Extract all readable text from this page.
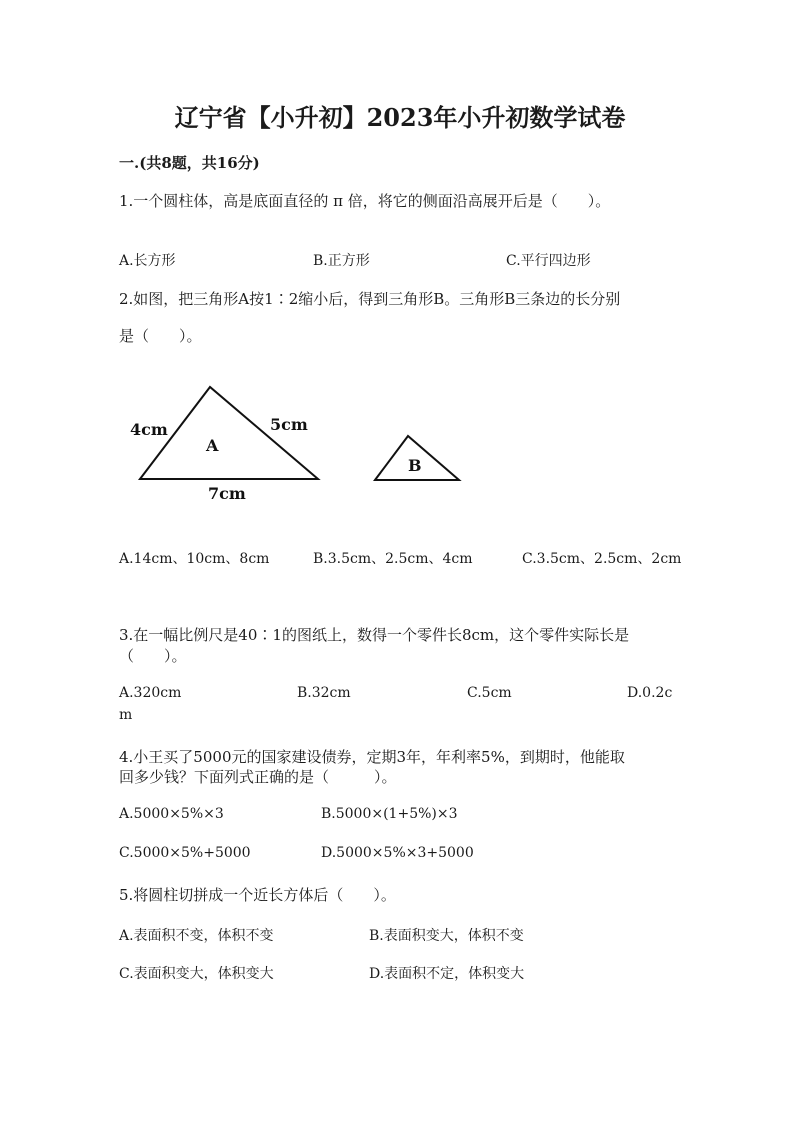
辽宁省【小升初】2023年小升初数学试卷
一.(共8题，共16分)
1.一个圆柱体，高是底面直径的 π 倍，将它的侧面沿高展开后是（　　）。
A.长方形	B.正方形	C.平行四边形
2.如图，把三角形A按1∶2缩小后，得到三角形B。三角形B三条边的长分别
是（　　）。
4cm	5cm
7cm
A
B
A.14cm、10cm、8cm	B.3.5cm、2.5cm、4cm	C.3.5cm、2.5cm、2cm
3.在一幅比例尺是40∶1的图纸上，数得一个零件长8cm，这个零件实际长是
（　　）。
A.320cm	B.32cm	C.5cm	D.0.2c
m
4.小王买了5000元的国家建设债券，定期3年，年利率5%，到期时，他能取
回多少钱？下面列式正确的是（　　　）。
A.5000×5%×3	B.5000×(1+5%)×3
C.5000×5%+5000	D.5000×5%×3+5000
5.将圆柱切拼成一个近长方体后（　　）。
A.表面积不变，体积不变	B.表面积变大，体积不变
C.表面积变大，体积变大	D.表面积不定，体积变大
